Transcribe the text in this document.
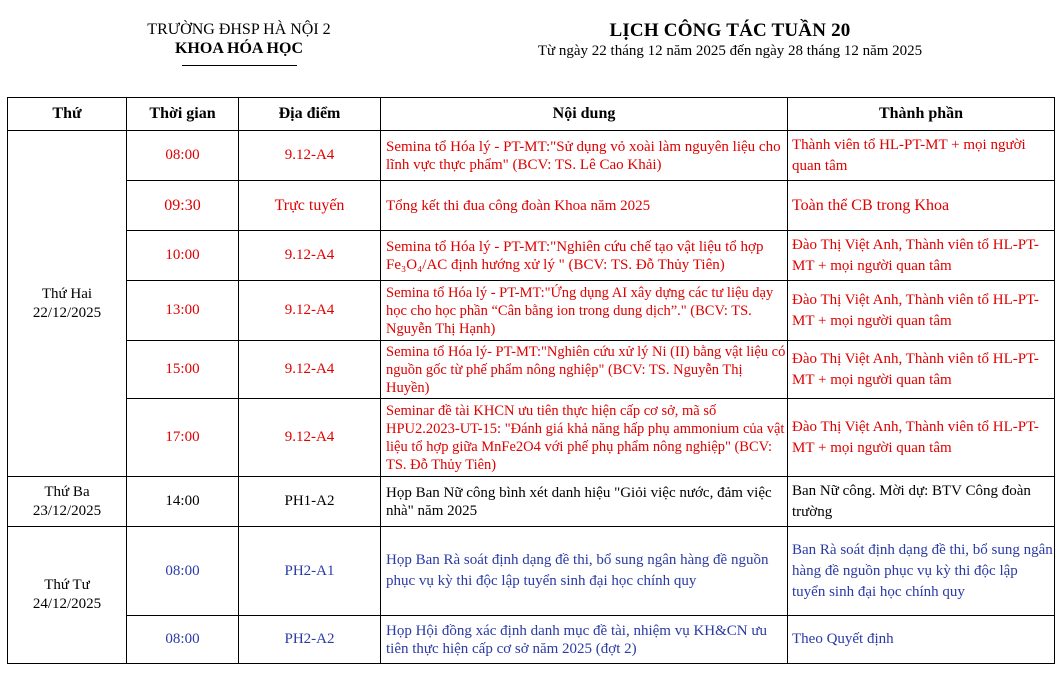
TRƯỜNG ĐHSP HÀ NỘI 2
KHOA HÓA HỌC
LỊCH CÔNG TÁC TUẦN 20
Từ ngày 22 tháng 12 năm 2025 đến ngày 28 tháng 12 năm 2025
Thứ	Thời gian	Địa điểm	Nội dung	Thành phần

Thứ Hai
22/12/2025	08:00	9.12-A4	Semina tổ Hóa lý - PT-MT:"Sử dụng vỏ xoài làm nguyên liệu cho lĩnh vực thực phẩm" (BCV: TS. Lê Cao Khải)	Thành viên tổ HL-PT-MT + mọi người quan tâm
	09:30	Trực tuyến	Tổng kết thi đua công đoàn Khoa năm 2025	Toàn thể CB trong Khoa
	10:00	9.12-A4	Semina tổ Hóa lý - PT-MT:"Nghiên cứu chế tạo vật liệu tổ hợp Fe₃O₄/AC định hướng xử lý " (BCV: TS. Đỗ Thủy Tiên)	Đào Thị Việt Anh, Thành viên tổ HL-PT-MT + mọi người quan tâm
	13:00	9.12-A4	Semina tổ Hóa lý - PT-MT:"Ứng dụng AI xây dựng các tư liệu dạy học cho học phần “Cân bằng ion trong dung dịch”." (BCV: TS. Nguyễn Thị Hạnh)	Đào Thị Việt Anh, Thành viên tổ HL-PT-MT + mọi người quan tâm
	15:00	9.12-A4	Semina tổ Hóa lý- PT-MT:"Nghiên cứu xử lý Ni (II) bằng vật liệu có nguồn gốc từ phế phẩm nông nghiệp" (BCV: TS. Nguyễn Thị Huyền)	Đào Thị Việt Anh, Thành viên tổ HL-PT-MT + mọi người quan tâm
	17:00	9.12-A4	Seminar đề tài KHCN ưu tiên thực hiện cấp cơ sở, mã số HPU2.2023-UT-15: "Đánh giá khả năng hấp phụ ammonium của vật liệu tổ hợp giữa MnFe2O4 với phế phụ phẩm nông nghiệp" (BCV: TS. Đỗ Thủy Tiên)	Đào Thị Việt Anh, Thành viên tổ HL-PT-MT + mọi người quan tâm

Thứ Ba
23/12/2025	14:00	PH1-A2	Họp Ban Nữ công bình xét danh hiệu "Giỏi việc nước, đảm việc nhà" năm 2025	Ban Nữ công. Mời dự: BTV Công đoàn trường

Thứ Tư
24/12/2025	08:00	PH2-A1	Họp Ban Rà soát định dạng đề thi, bổ sung ngân hàng đề nguồn phục vụ kỳ thi độc lập tuyển sinh đại học chính quy	Ban Rà soát định dạng đề thi, bổ sung ngân hàng đề nguồn phục vụ kỳ thi độc lập tuyển sinh đại học chính quy
	08:00	PH2-A2	Họp Hội đồng xác định danh mục đề tài, nhiệm vụ KH&CN ưu tiên thực hiện cấp cơ sở năm 2025 (đợt 2)	Theo Quyết định
